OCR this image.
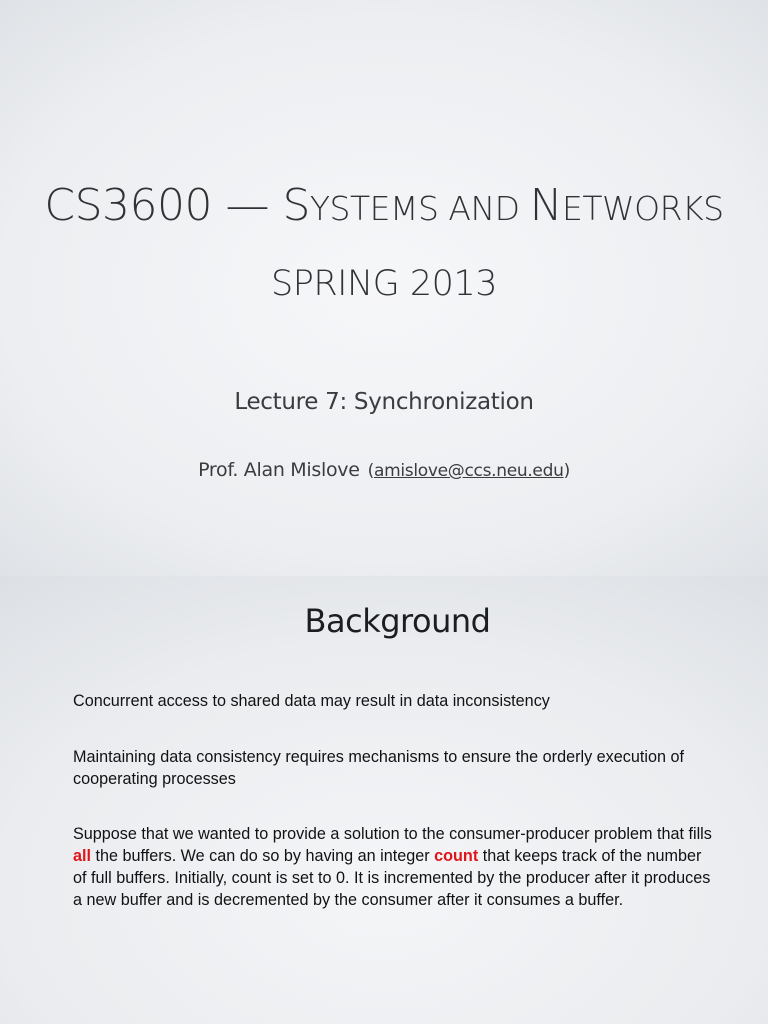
CS3600 — SYSTEMS AND NETWORKS
SPRING 2013
Lecture 7: Synchronization
Prof. Alan Mislove (amislove@ccs.neu.edu)
Background
Concurrent access to shared data may result in data inconsistency
Maintaining data consistency requires mechanisms to ensure the orderly execution of cooperating processes
Suppose that we wanted to provide a solution to the consumer-producer problem that fills all the buffers. We can do so by having an integer count that keeps track of the number of full buffers. Initially, count is set to 0. It is incremented by the producer after it produces a new buffer and is decremented by the consumer after it consumes a buffer.
